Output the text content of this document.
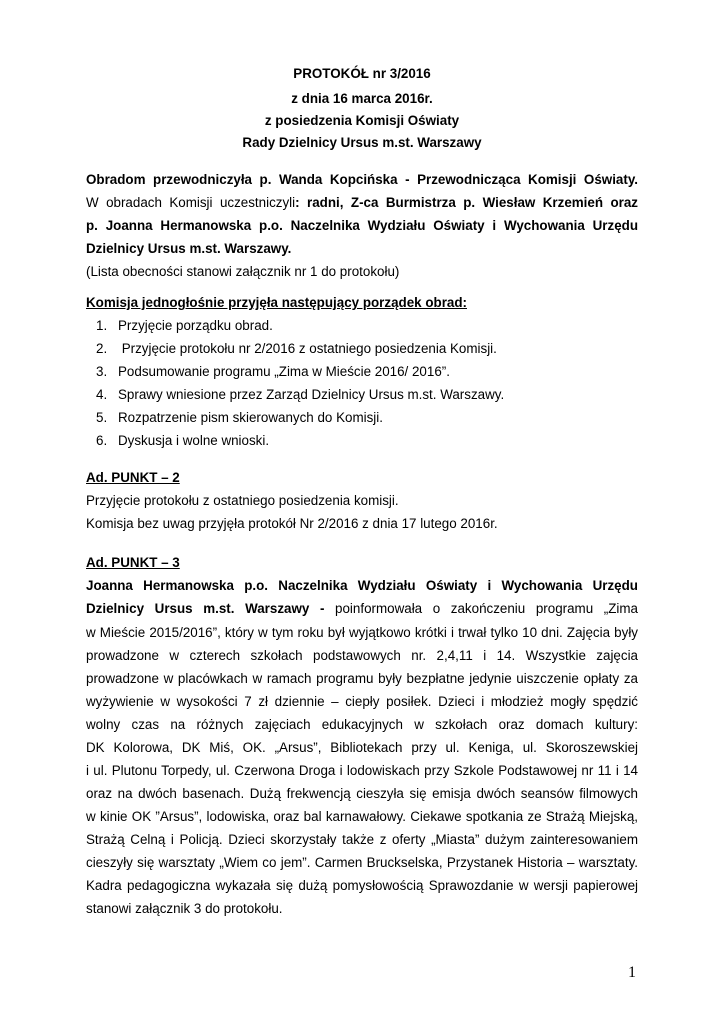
PROTOKÓŁ nr 3/2016
z dnia 16 marca 2016r.
z posiedzenia Komisji Oświaty
Rady Dzielnicy Ursus m.st. Warszawy
Obradom przewodniczyła p. Wanda Kopcińska - Przewodnicząca Komisji Oświaty.
W obradach Komisji uczestniczyli: radni, Z-ca Burmistrza p. Wiesław Krzemień oraz
p. Joanna Hermanowska p.o. Naczelnika Wydziału Oświaty i Wychowania Urzędu
Dzielnicy Ursus m.st. Warszawy.
(Lista obecności stanowi załącznik nr 1 do protokołu)
Komisja jednogłośnie przyjęła następujący porządek obrad:
1. Przyjęcie porządku obrad.
2. Przyjęcie protokołu nr 2/2016 z ostatniego posiedzenia Komisji.
3. Podsumowanie programu „Zima w Mieście 2016/ 2016”.
4. Sprawy wniesione przez Zarząd Dzielnicy Ursus m.st. Warszawy.
5. Rozpatrzenie pism skierowanych do Komisji.
6. Dyskusja i wolne wnioski.
Ad. PUNKT – 2
Przyjęcie protokołu z ostatniego posiedzenia komisji.
Komisja bez uwag przyjęła protokół Nr 2/2016 z dnia 17 lutego 2016r.
Ad. PUNKT – 3
Joanna Hermanowska p.o. Naczelnika Wydziału Oświaty i Wychowania Urzędu
Dzielnicy Ursus m.st. Warszawy - poinformowała o zakończeniu programu „Zima
w Mieście 2015/2016”, który w tym roku był wyjątkowo krótki i trwał tylko 10 dni. Zajęcia były
prowadzone w czterech szkołach podstawowych nr. 2,4,11 i 14. Wszystkie zajęcia
prowadzone w placówkach w ramach programu były bezpłatne jedynie uiszczenie opłaty za
wyżywienie w wysokości 7 zł dziennie – ciepły posiłek. Dzieci i młodzież mogły spędzić
wolny czas na różnych zajęciach edukacyjnych w szkołach oraz domach kultury:
DK Kolorowa, DK Miś, OK. „Arsus”, Bibliotekach przy ul. Keniga, ul. Skoroszewskiej
i ul. Plutonu Torpedy, ul. Czerwona Droga i lodowiskach przy Szkole Podstawowej nr 11 i 14
oraz na dwóch basenach. Dużą frekwencją cieszyła się emisja dwóch seansów filmowych
w kinie OK ”Arsus”, lodowiska, oraz bal karnawałowy. Ciekawe spotkania ze Strażą Miejską,
Strażą Celną i Policją. Dzieci skorzystały także z oferty „Miasta” dużym zainteresowaniem
cieszyły się warsztaty „Wiem co jem”. Carmen Bruckselska, Przystanek Historia – warsztaty.
Kadra pedagogiczna wykazała się dużą pomysłowością Sprawozdanie w wersji papierowej
stanowi załącznik 3 do protokołu.
1
